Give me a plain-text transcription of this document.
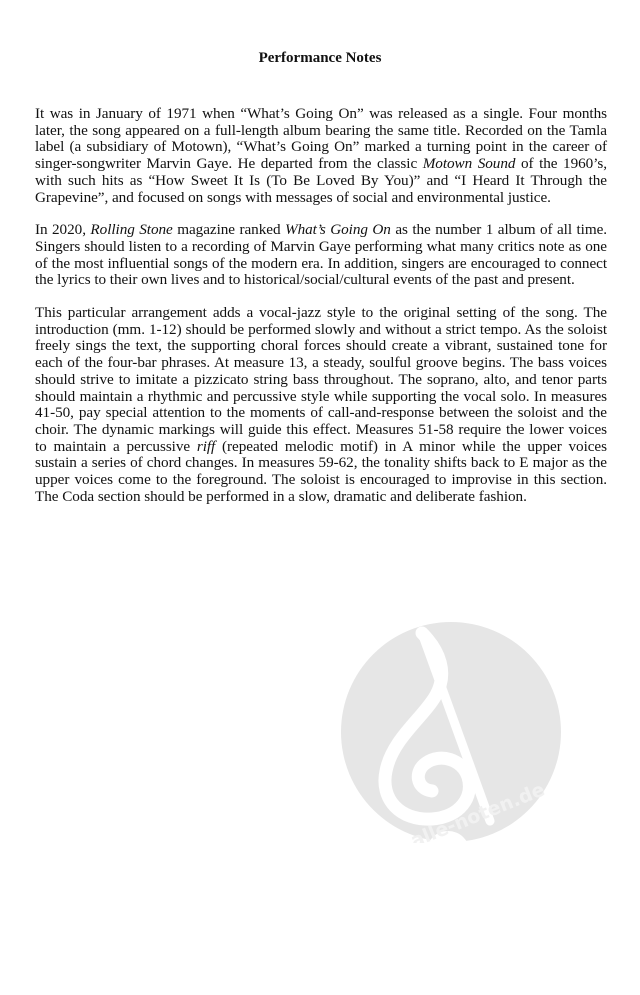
Performance Notes

It was in January of 1971 when “What’s Going On” was released as a single. Four months later, the song appeared on a full-length album bearing the same title. Recorded on the Tamla label (a subsidiary of Motown), “What’s Going On” marked a turning point in the career of singer-songwriter Marvin Gaye. He departed from the classic Motown Sound of the 1960’s, with such hits as “How Sweet It Is (To Be Loved By You)” and “I Heard It Through the Grapevine”, and focused on songs with messages of social and environmental justice.

In 2020, Rolling Stone magazine ranked What’s Going On as the number 1 album of all time. Singers should listen to a recording of Marvin Gaye performing what many critics note as one of the most influential songs of the modern era. In addition, singers are encouraged to connect the lyrics to their own lives and to historical/social/cultural events of the past and present.

This particular arrangement adds a vocal-jazz style to the original setting of the song. The introduction (mm. 1-12) should be performed slowly and without a strict tempo. As the soloist freely sings the text, the supporting choral forces should create a vibrant, sustained tone for each of the four-bar phrases. At measure 13, a steady, soulful groove begins. The bass voices should strive to imitate a pizzicato string bass throughout. The soprano, alto, and tenor parts should maintain a rhythmic and percussive style while supporting the vocal solo. In measures 41-50, pay special attention to the moments of call-and-response between the soloist and the choir. The dynamic markings will guide this effect. Measures 51-58 require the lower voices to maintain a percussive riff (repeated melodic motif) in A minor while the upper voices sustain a series of chord changes. In measures 59-62, the tonality shifts back to E major as the upper voices come to the foreground. The soloist is encouraged to improvise in this section. The Coda section should be performed in a slow, dramatic and deliberate fashion.

alle-noten.de
